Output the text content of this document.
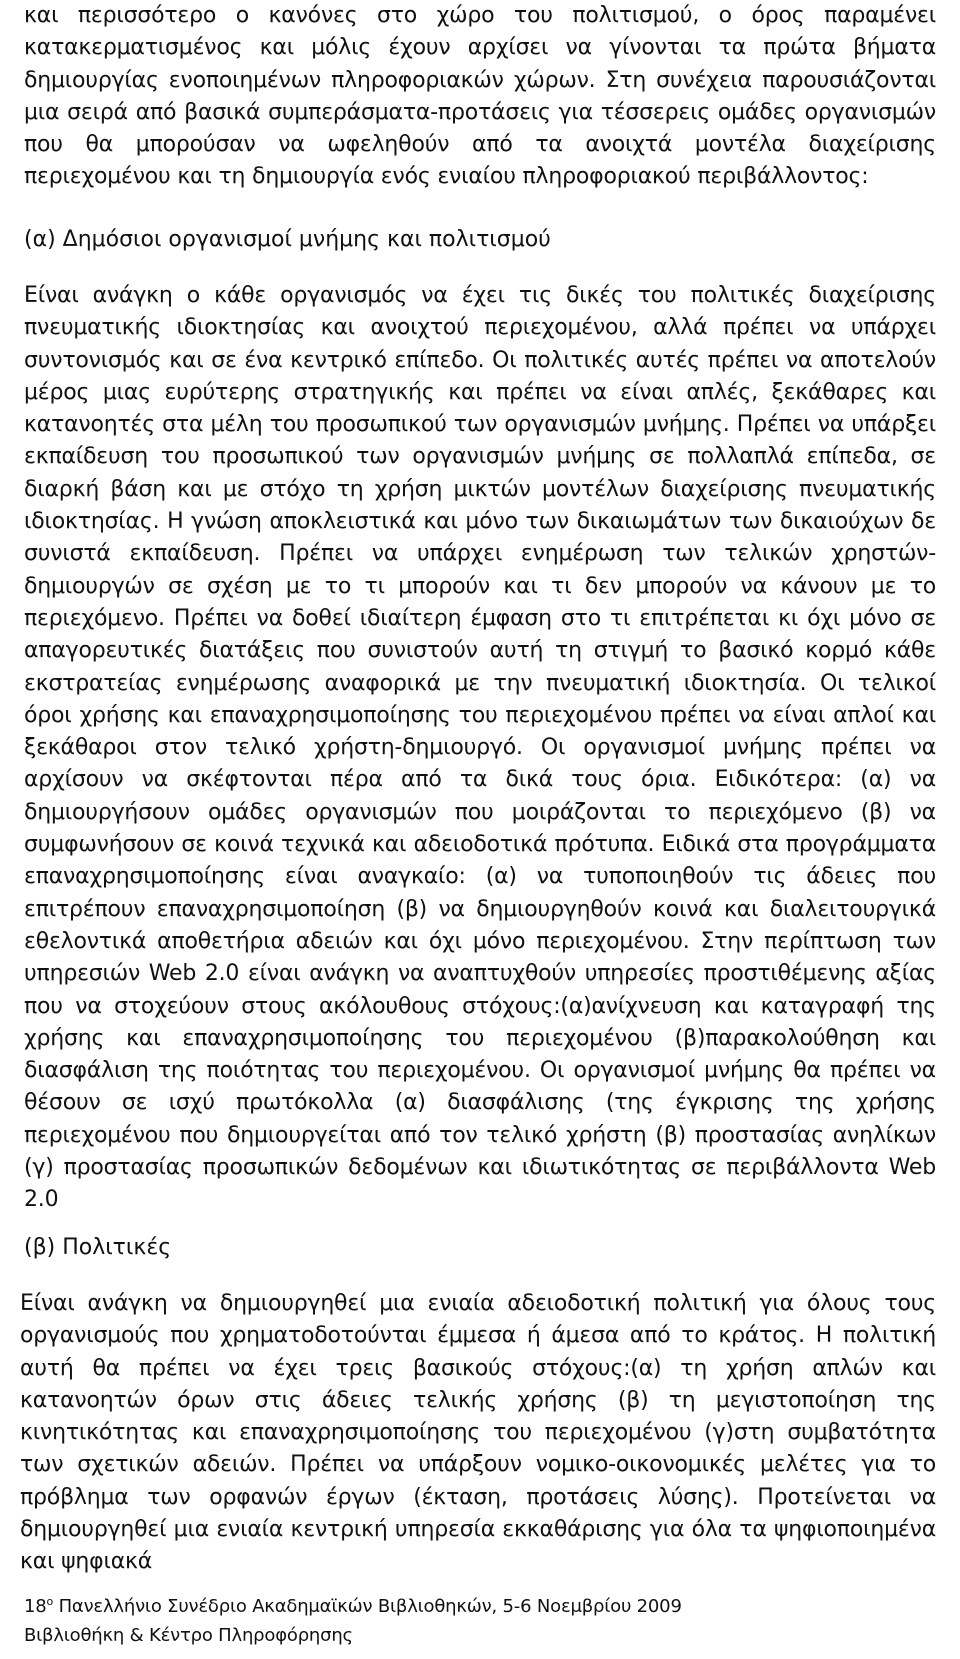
και περισσότερο ο κανόνες στο χώρο του πολιτισμού, ο όρος παραμένει κατακερματισμένος και μόλις έχουν αρχίσει να γίνονται τα πρώτα βήματα δημιουργίας ενοποιημένων πληροφοριακών χώρων. Στη συνέχεια παρουσιάζονται μια σειρά από βασικά συμπεράσματα-προτάσεις για τέσσερεις ομάδες οργανισμών που θα μπορούσαν να ωφεληθούν από τα ανοιχτά μοντέλα διαχείρισης περιεχομένου και τη δημιουργία ενός ενιαίου πληροφοριακού περιβάλλοντος:

(α) Δημόσιοι οργανισμοί μνήμης και πολιτισμού

Είναι ανάγκη ο κάθε οργανισμός να έχει τις δικές του πολιτικές διαχείρισης πνευματικής ιδιοκτησίας και ανοιχτού περιεχομένου, αλλά πρέπει να υπάρχει συντονισμός και σε ένα κεντρικό επίπεδο. Οι πολιτικές αυτές πρέπει να αποτελούν μέρος μιας ευρύτερης στρατηγικής και πρέπει να είναι απλές, ξεκάθαρες και κατανοητές στα μέλη του προσωπικού των οργανισμών μνήμης. Πρέπει να υπάρξει εκπαίδευση του προσωπικού των οργανισμών μνήμης σε πολλαπλά επίπεδα, σε διαρκή βάση και με στόχο τη χρήση μικτών μοντέλων διαχείρισης πνευματικής ιδιοκτησίας. Η γνώση αποκλειστικά και μόνο των δικαιωμάτων των δικαιούχων δε συνιστά εκπαίδευση. Πρέπει να υπάρχει ενημέρωση των τελικών χρηστών-δημιουργών σε σχέση με το τι μπορούν και τι δεν μπορούν να κάνουν με το περιεχόμενο. Πρέπει να δοθεί ιδιαίτερη έμφαση στο τι επιτρέπεται κι όχι μόνο σε απαγορευτικές διατάξεις που συνιστούν αυτή τη στιγμή το βασικό κορμό κάθε εκστρατείας ενημέρωσης αναφορικά με την πνευματική ιδιοκτησία. Οι τελικοί όροι χρήσης και επαναχρησιμοποίησης του περιεχομένου πρέπει να είναι απλοί και ξεκάθαροι στον τελικό χρήστη-δημιουργό. Οι οργανισμοί μνήμης πρέπει να αρχίσουν να σκέφτονται πέρα από τα δικά τους όρια. Ειδικότερα: (α) να δημιουργήσουν ομάδες οργανισμών που μοιράζονται το περιεχόμενο (β) να συμφωνήσουν σε κοινά τεχνικά και αδειοδοτικά πρότυπα. Ειδικά στα προγράμματα επαναχρησιμοποίησης είναι αναγκαίο: (α) να τυποποιηθούν τις άδειες που επιτρέπουν επαναχρησιμοποίηση (β) να δημιουργηθούν κοινά και διαλειτουργικά εθελοντικά αποθετήρια αδειών και όχι μόνο περιεχομένου. Στην περίπτωση των υπηρεσιών Web 2.0 είναι ανάγκη να αναπτυχθούν υπηρεσίες προστιθέμενης αξίας που να στοχεύουν στους ακόλουθους στόχους:(α)ανίχνευση και καταγραφή της χρήσης και επαναχρησιμοποίησης του περιεχομένου (β)παρακολούθηση και διασφάλιση της ποιότητας του περιεχομένου. Οι οργανισμοί μνήμης θα πρέπει να θέσουν σε ισχύ πρωτόκολλα (α) διασφάλισης (της έγκρισης της χρήσης περιεχομένου που δημιουργείται από τον τελικό χρήστη (β) προστασίας ανηλίκων (γ) προστασίας προσωπικών δεδομένων και ιδιωτικότητας σε περιβάλλοντα Web 2.0

(β) Πολιτικές

Είναι ανάγκη να δημιουργηθεί μια ενιαία αδειοδοτική πολιτική για όλους τους οργανισμούς που χρηματοδοτούνται έμμεσα ή άμεσα από το κράτος. Η πολιτική αυτή θα πρέπει να έχει τρεις βασικούς στόχους:(α) τη χρήση απλών και κατανοητών όρων στις άδειες τελικής χρήσης (β) τη μεγιστοποίηση της κινητικότητας και επαναχρησιμοποίησης του περιεχομένου (γ)στη συμβατότητα των σχετικών αδειών. Πρέπει να υπάρξουν νομικο-οικονομικές μελέτες για το πρόβλημα των ορφανών έργων (έκταση, προτάσεις λύσης). Προτείνεται να δημιουργηθεί μια ενιαία κεντρική υπηρεσία εκκαθάρισης για όλα τα ψηφιοποιημένα και ψηφιακά

$18^o$ Πανελλήνιο Συνέδριο Ακαδημαϊκών Βιβλιοθηκών, 5-6 Νοεμβρίου 2009
Βιβλιοθήκη & Κέντρο Πληροφόρησης
